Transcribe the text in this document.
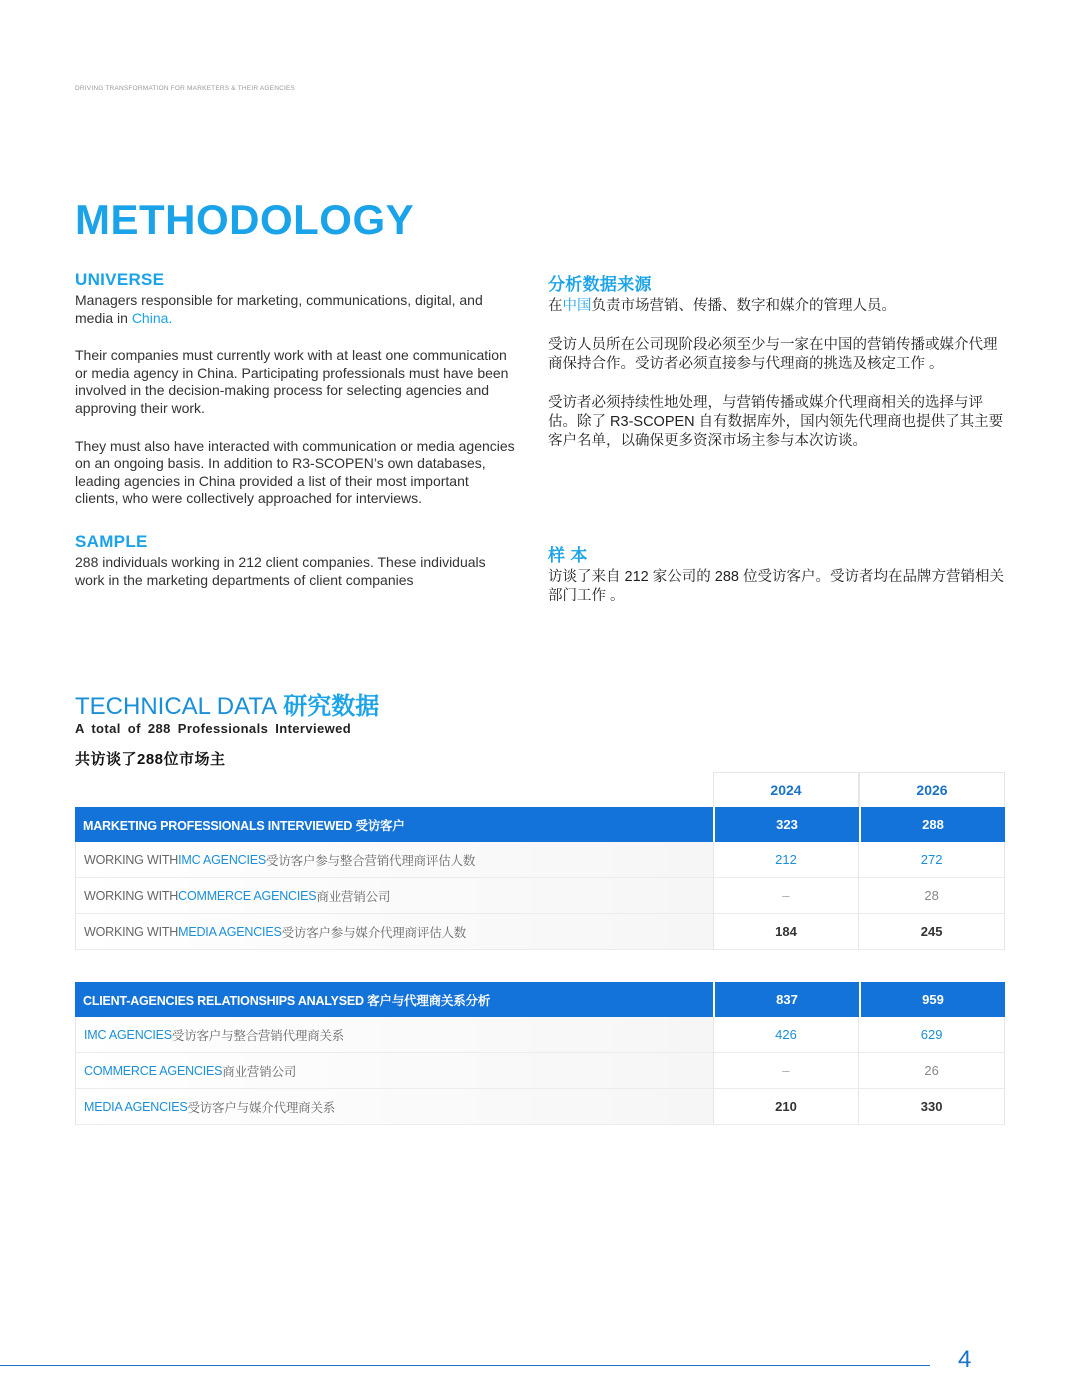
DRIVING TRANSFORMATION FOR MARKETERS & THEIR AGENCIES
METHODOLOGY
UNIVERSE

Managers responsible for marketing, communications, digital, and media in China.

Their companies must currently work with at least one communication or media agency in China. Participating professionals must have been involved in the decision-making process for selecting agencies and approving their work.

They must also have interacted with communication or media agencies on an ongoing basis. In addition to R3-SCOPEN’s own databases, leading agencies in China provided a list of their most important clients, who were collectively approached for interviews.

SAMPLE

288 individuals working in 212 client companies. These individuals work in the marketing departments of client companies

分析数据来源

在中国负责市场营销、传播、数字和媒介的管理人员。

受访人员所在公司现阶段必须至少与一家在中国的营销传播或媒介代理商保持合作。受访者必须直接参与代理商的挑选及核定工作 。

受访者必须持续性地处理，与营销传播或媒介代理商相关的选择与评估。除了 R3-SCOPEN 自有数据库外，国内领先代理商也提供了其主要客户名单，以确保更多资深市场主参与本次访谈。

样 本

访谈了来自 212 家公司的 288 位受访客户。受访者均在品牌方营销相关部门工作 。

TECHNICAL DATA 研究数据
A total of 288 Professionals Interviewed
共访谈了288位市场主
2024	2026
MARKETING PROFESSIONALS INTERVIEWED 受访客户	323	288
WORKING WITH IMC AGENCIES 受访客户参与整合营销代理商评估人数	212	272
WORKING WITH COMMERCE AGENCIES 商业营销公司	–	28
WORKING WITH MEDIA AGENCIES 受访客户参与媒介代理商评估人数	184	245
CLIENT-AGENCIES RELATIONSHIPS ANALYSED 客户与代理商关系分析	837	959
IMC AGENCIES 受访客户与整合营销代理商关系	426	629
COMMERCE AGENCIES 商业营销公司	–	26
MEDIA AGENCIES 受访客户与媒介代理商关系	210	330
4
